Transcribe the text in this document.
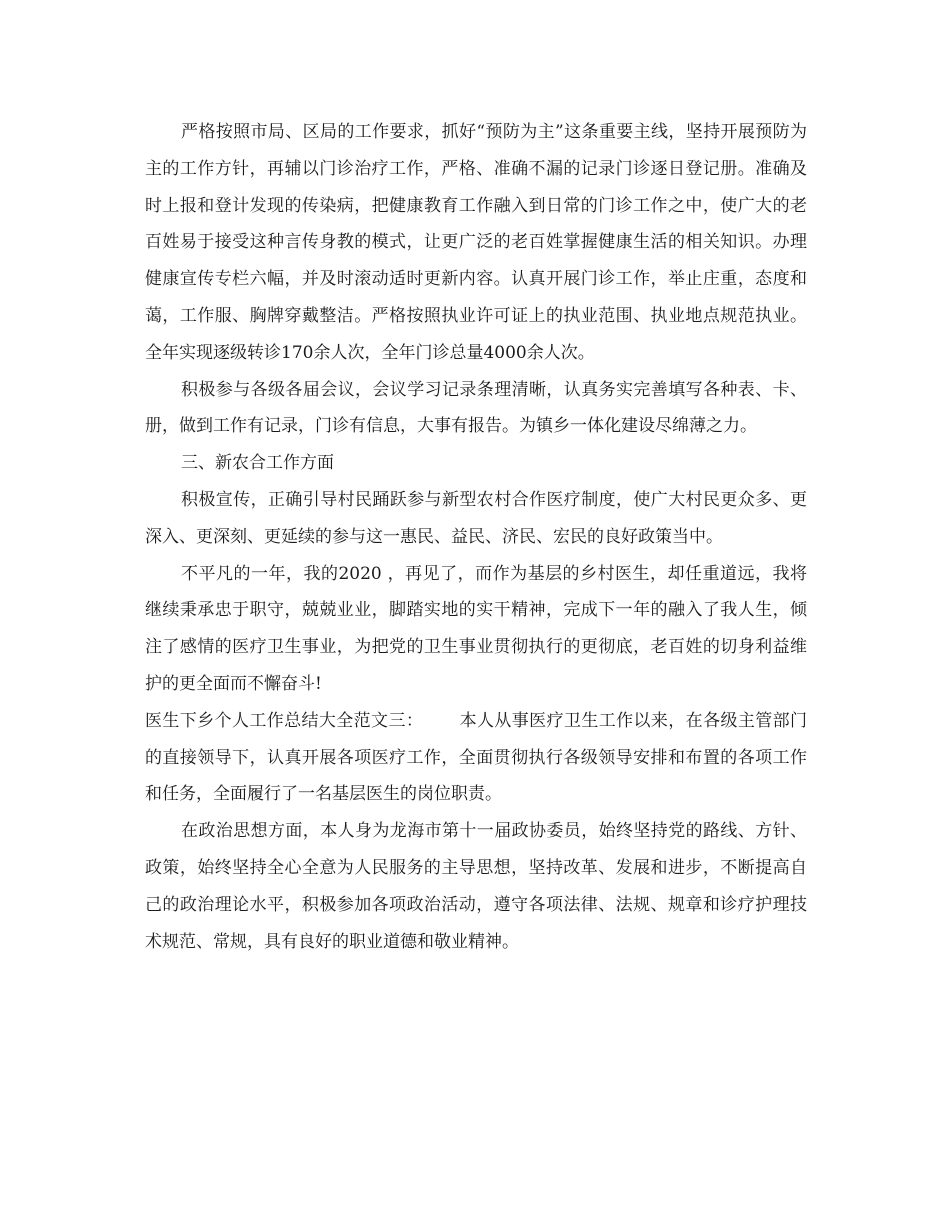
严格按照市局、区局的工作要求，抓好“预防为主”这条重要主线，坚持开展预防为主的工作方针，再辅以门诊治疗工作，严格、准确不漏的记录门诊逐日登记册。准确及时上报和登计发现的传染病，把健康教育工作融入到日常的门诊工作之中，使广大的老百姓易于接受这种言传身教的模式，让更广泛的老百姓掌握健康生活的相关知识。办理健康宣传专栏六幅，并及时滚动适时更新内容。认真开展门诊工作，举止庄重，态度和蔼，工作服、胸牌穿戴整洁。严格按照执业许可证上的执业范围、执业地点规范执业。全年实现逐级转诊170余人次，全年门诊总量4000余人次。

积极参与各级各届会议，会议学习记录条理清晰，认真务实完善填写各种表、卡、册，做到工作有记录，门诊有信息，大事有报告。为镇乡一体化建设尽绵薄之力。

三、新农合工作方面

积极宣传，正确引导村民踊跃参与新型农村合作医疗制度，使广大村民更众多、更深入、更深刻、更延续的参与这一惠民、益民、济民、宏民的良好政策当中。

不平凡的一年，我的2020 ，再见了，而作为基层的乡村医生，却任重道远，我将继续秉承忠于职守，兢兢业业，脚踏实地的实干精神，完成下一年的融入了我人生，倾注了感情的医疗卫生事业，为把党的卫生事业贯彻执行的更彻底，老百姓的切身利益维护的更全面而不懈奋斗!

医生下乡个人工作总结大全范文三： 本人从事医疗卫生工作以来，在各级主管部门的直接领导下，认真开展各项医疗工作，全面贯彻执行各级领导安排和布置的各项工作和任务，全面履行了一名基层医生的岗位职责。

在政治思想方面，本人身为龙海市第十一届政协委员，始终坚持党的路线、方针、政策，始终坚持全心全意为人民服务的主导思想，坚持改革、发展和进步，不断提高自己的政治理论水平，积极参加各项政治活动，遵守各项法律、法规、规章和诊疗护理技术规范、常规，具有良好的职业道德和敬业精神。
